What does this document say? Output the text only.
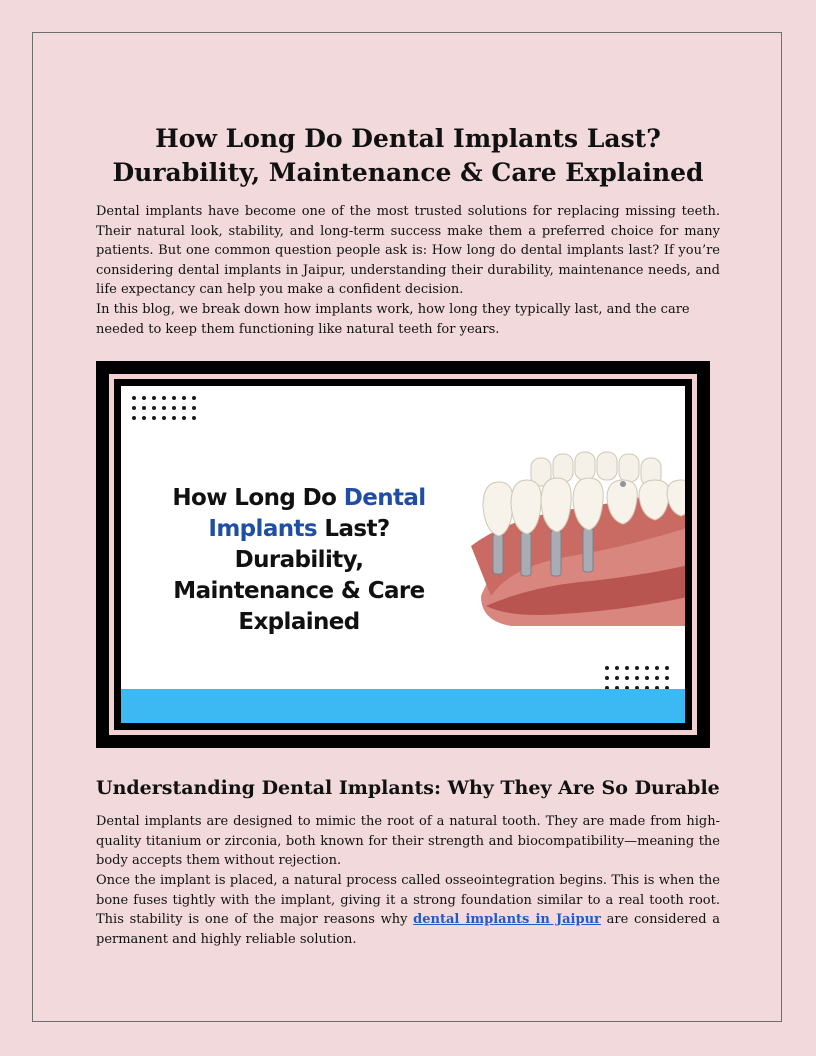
How Long Do Dental Implants Last? Durability, Maintenance & Care Explained

Dental implants have become one of the most trusted solutions for replacing missing teeth. Their natural look, stability, and long-term success make them a preferred choice for many patients. But one common question people ask is: How long do dental implants last? If you’re considering dental implants in Jaipur, understanding their durability, maintenance needs, and life expectancy can help you make a confident decision.

In this blog, we break down how implants work, how long they typically last, and the care needed to keep them functioning like natural teeth for years.

How Long Do Dental
Implants Last?
Durability,
Maintenance & Care
Explained
Understanding Dental Implants: Why They Are So Durable

Dental implants are designed to mimic the root of a natural tooth. They are made from high-quality titanium or zirconia, both known for their strength and biocompatibility—meaning the body accepts them without rejection.

Once the implant is placed, a natural process called osseointegration begins. This is when the bone fuses tightly with the implant, giving it a strong foundation similar to a real tooth root. This stability is one of the major reasons why dental implants in Jaipur are considered a permanent and highly reliable solution.
